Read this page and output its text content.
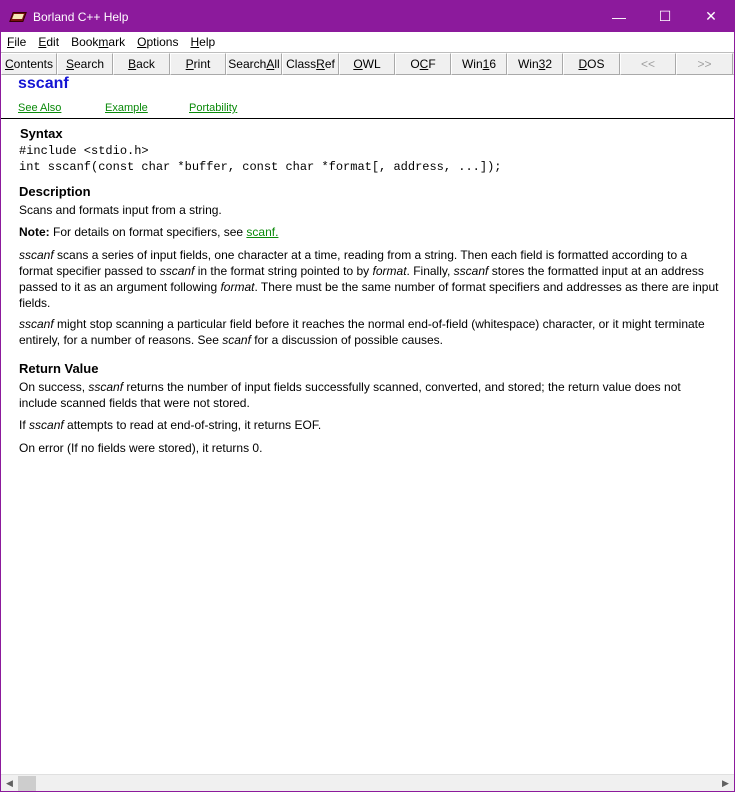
Borland C++ Help	—	☐	✕
File	Edit	Bookmark	Options	Help
C ontents	S earch	B ack	P rint	Search A ll Class R ef	O WL	O C F	Win 1 6	Win 3 2	D OS	<<	>>
sscanf
See Also	Example	Portability
Syntax
#include <stdio.h>
int sscanf(const char *buffer, const char *format[, address, ...]);
Description
Scans and formats input from a string.
Note: For details on format specifiers, see scanf.
sscanf scans a series of input fields, one character at a time, reading from a string. Then each field is formatted according to a format specifier passed to sscanf in the format string pointed to by format. Finally, sscanf stores the formatted input at an address passed to it as an argument following format. There must be the same number of format specifiers and addresses as there are input fields.
sscanf might stop scanning a particular field before it reaches the normal end-of-field (whitespace) character, or it might terminate entirely, for a number of reasons. See scanf for a discussion of possible causes.
Return Value
On success, sscanf returns the number of input fields successfully scanned, converted, and stored; the return value does not include scanned fields that were not stored.
If sscanf attempts to read at end-of-string, it returns EOF.
On error (If no fields were stored), it returns 0.
◀	▶
